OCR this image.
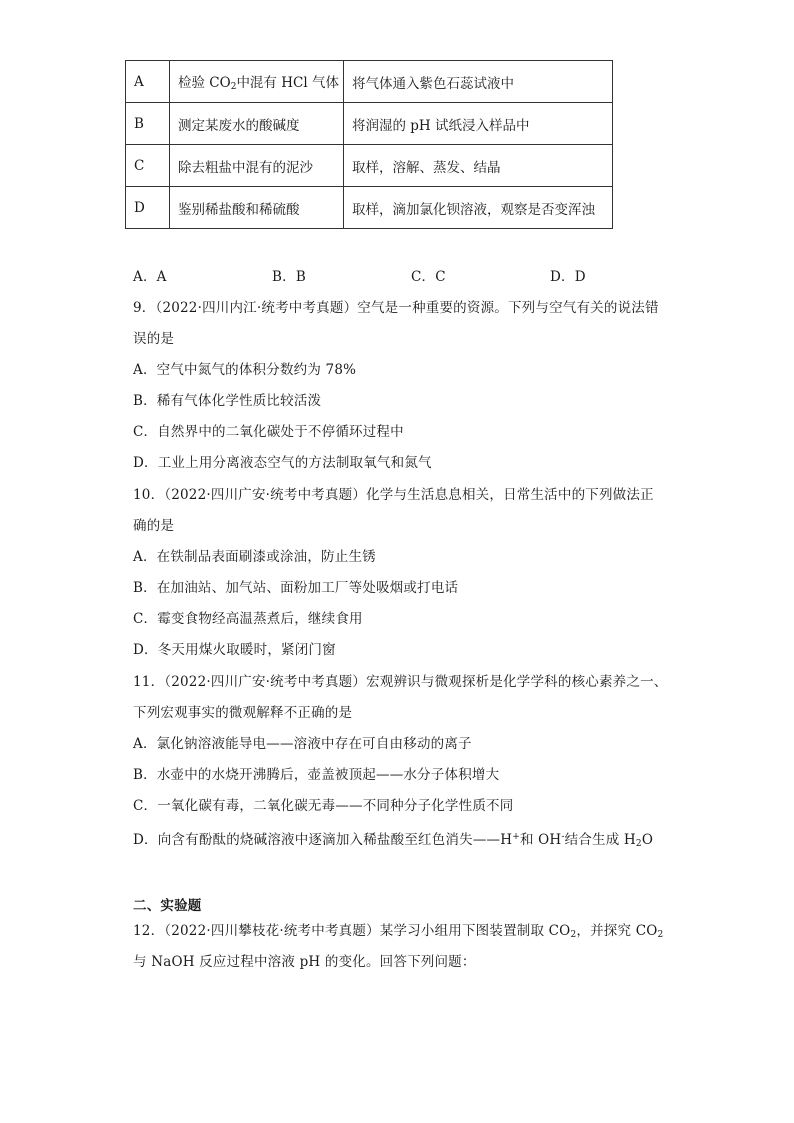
A	检验 $CO_2$中混有 HCl 气体	将气体通入紫色石蕊试液中
B	测定某废水的酸碱度	将润湿的 pH 试纸浸入样品中
C	除去粗盐中混有的泥沙	取样，溶解、蒸发、结晶
D	鉴别稀盐酸和稀硫酸	取样，滴加氯化钡溶液，观察是否变浑浊
A．A	B．B	C．C	D．D
9．（2022·四川内江·统考中考真题）空气是一种重要的资源。下列与空气有关的说法错
误的是
A．空气中氮气的体积分数约为 78%
B．稀有气体化学性质比较活泼
C．自然界中的二氧化碳处于不停循环过程中
D．工业上用分离液态空气的方法制取氧气和氮气
10．（2022·四川广安·统考中考真题）化学与生活息息相关，日常生活中的下列做法正
确的是
A．在铁制品表面刷漆或涂油，防止生锈
B．在加油站、加气站、面粉加工厂等处吸烟或打电话
C．霉变食物经高温蒸煮后，继续食用
D．冬天用煤火取暖时，紧闭门窗
11．（2022·四川广安·统考中考真题）宏观辨识与微观探析是化学学科的核心素养之一、
下列宏观事实的微观解释不正确的是
A．氯化钠溶液能导电——溶液中存在可自由移动的离子
B．水壶中的水烧开沸腾后，壶盖被顶起——水分子体积增大
C．一氧化碳有毒，二氧化碳无毒——不同种分子化学性质不同
D．向含有酚酞的烧碱溶液中逐滴加入稀盐酸至红色消失——H+和 OH-结合生成 $H_2O$
二、实验题
12．（2022·四川攀枝花·统考中考真题）某学习小组用下图装置制取 $CO_2$，并探究 $CO_2$
与 NaOH 反应过程中溶液 pH 的变化。回答下列问题：
